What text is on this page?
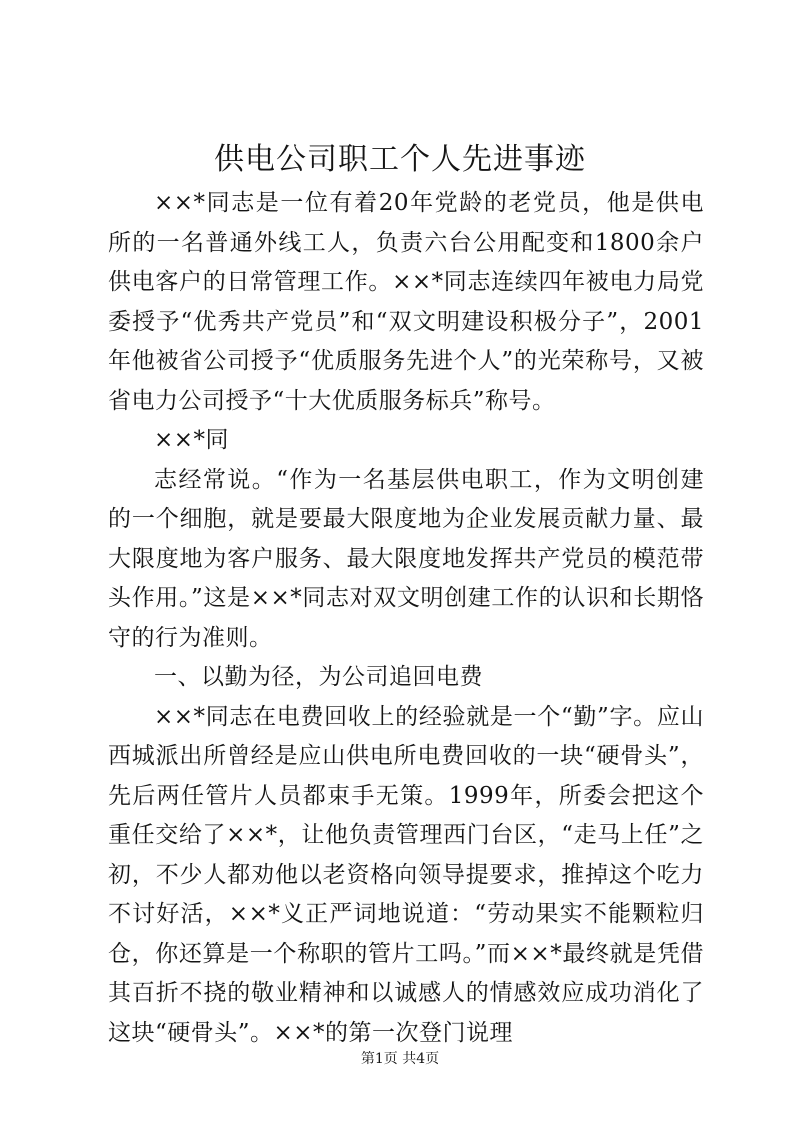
供电公司职工个人先进事迹

××*同志是一位有着20年党龄的老党员，他是供电所的一名普通外线工人，负责六台公用配变和1800余户供电客户的日常管理工作。××*同志连续四年被电力局党委授予“优秀共产党员”和“双文明建设积极分子”，2001年他被省公司授予“优质服务先进个人”的光荣称号，又被省电力公司授予“十大优质服务标兵”称号。

××*同

志经常说。“作为一名基层供电职工，作为文明创建的一个细胞，就是要最大限度地为企业发展贡献力量、最大限度地为客户服务、最大限度地发挥共产党员的模范带头作用。”这是××*同志对双文明创建工作的认识和长期恪守的行为准则。

一、以勤为径，为公司追回电费

××*同志在电费回收上的经验就是一个“勤”字。应山西城派出所曾经是应山供电所电费回收的一块“硬骨头”，先后两任管片人员都束手无策。1999年，所委会把这个重任交给了××*，让他负责管理西门台区，“走马上任”之初，不少人都劝他以老资格向领导提要求，推掉这个吃力不讨好活，××*义正严词地说道：“劳动果实不能颗粒归仓，你还算是一个称职的管片工吗。”而××*最终就是凭借其百折不挠的敬业精神和以诚感人的情感效应成功消化了这块“硬骨头”。××*的第一次登门说理

第1页 共4页
